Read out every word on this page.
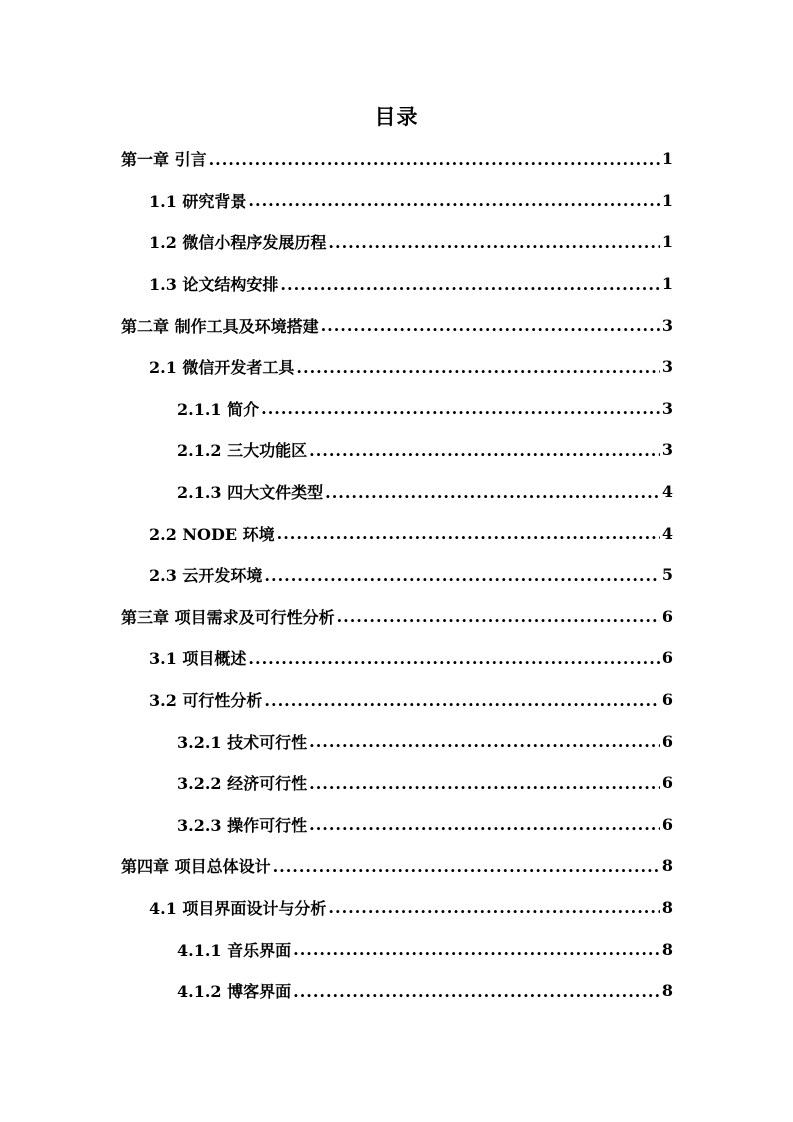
目录
第一章 引言 .....	1
1.1 研究背景 .....	1
1.2 微信小程序发展历程 .....	1
1.3 论文结构安排 .....	1
第二章 制作工具及环境搭建 .....	3
2.1 微信开发者工具 .....	3
2.1.1 简介 .....	3
2.1.2 三大功能区 .....	3
2.1.3 四大文件类型 .....	4
2.2 NODE 环境 .....	4
2.3 云开发环境 .....	5
第三章 项目需求及可行性分析 .....	6
3.1 项目概述 .....	6
3.2 可行性分析 .....	6
3.2.1 技术可行性 .....	6
3.2.2 经济可行性 .....	6
3.2.3 操作可行性 .....	6
第四章 项目总体设计 .....	8
4.1 项目界面设计与分析 .....	8
4.1.1 音乐界面 .....	8
4.1.2 博客界面 .....	8
